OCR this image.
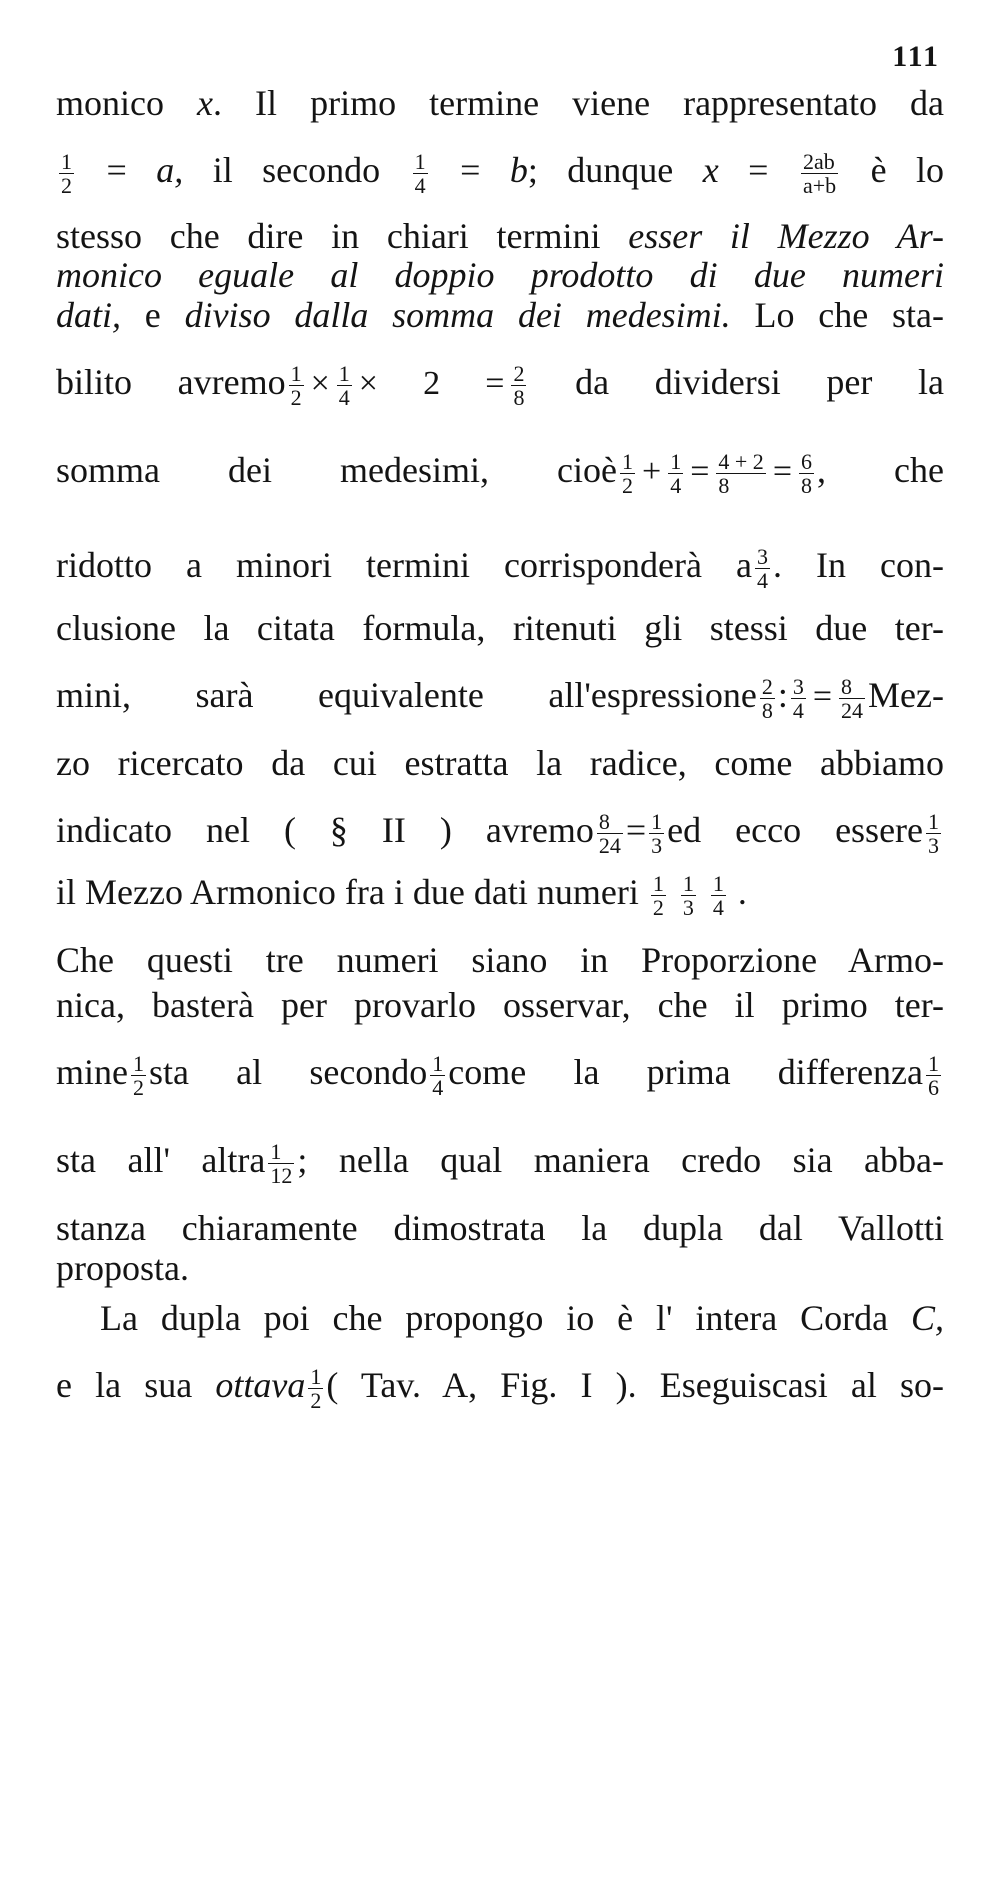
111
monico x. Il primo termine viene rappresentato da
$\frac{1}{2} = a$, il secondo $\frac{1}{4} = b$; dunque $x = \frac{2ab}{a+b}$ è lo
stesso che dire in chiari termini esser il Mezzo Ar-
monico eguale al doppio prodotto di due numeri
dati, e diviso dalla somma dei medesimi. Lo che sta-
bilito avremo $\frac{1}{2} \times \frac{1}{4} \times 2 = \frac{2}{8}$ da dividersi per la
somma dei medesimi, cioè $\frac{1}{2} + \frac{1}{4} = \frac{4 + 2}{8} = \frac{6}{8}$ , che
ridotto a minori termini corrisponderà a $\frac{3}{4}$ . In con-
clusione la citata formula, ritenuti gli stessi due ter-
mini, sarà equivalente all'espressione $\frac{2}{8}$ : $\frac{3}{4} = \frac{8}{24} Mez-$
zo ricercato da cui estratta la radice, come abbiamo
indicato nel ( § II ) avremo $\frac{8}{24} = \frac{1}{3}$ ed ecco essere $\frac{1}{3}$
il Mezzo Armonico fra i due dati numeri $\frac{1}{2}$
$\frac{1}{3}$
$\frac{1}{4}$ .
Che questi tre numeri siano in Proporzione Armo-
nica, basterà per provarlo osservar, che il primo ter-
mine $\frac{1}{2}$ sta al secondo $\frac{1}{4}$ come la prima differenza $\frac{1}{6}$
sta all' altra $\frac{1}{12}$ ; nella qual maniera credo sia abba-
stanza chiaramente dimostrata la dupla dal Vallotti
proposta.
La dupla poi che propongo io è l' intera Corda C,
e la sua ottava $\frac{1}{2}$ ( Tav. A, Fig. I ). Eseguiscasi al so-
